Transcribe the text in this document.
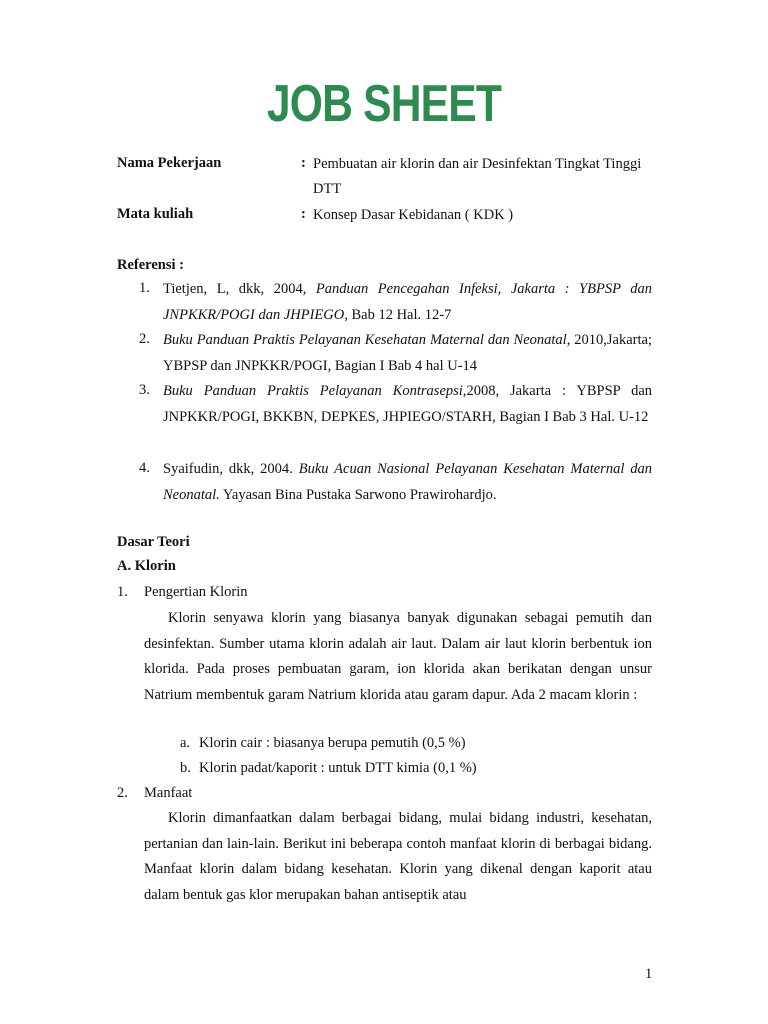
JOB SHEET
Nama Pekerjaan	: Pembuatan air klorin dan air Desinfektan Tingkat Tinggi DTT
Mata kuliah	: Konsep Dasar Kebidanan ( KDK )
Referensi :
1. Tietjen, L, dkk, 2004, Panduan Pencegahan Infeksi, Jakarta : YBPSP dan JNPKKR/POGI dan JHPIEGO, Bab 12 Hal. 12-7
2. Buku Panduan Praktis Pelayanan Kesehatan Maternal dan Neonatal, 2010,Jakarta; YBPSP dan JNPKKR/POGI, Bagian I Bab 4 hal U-14
3. Buku Panduan Praktis Pelayanan Kontrasepsi,2008, Jakarta : YBPSP dan JNPKKR/POGI, BKKBN, DEPKES, JHPIEGO/STARH, Bagian I Bab 3 Hal. U-12
4. Syaifudin, dkk, 2004. Buku Acuan Nasional Pelayanan Kesehatan Maternal dan Neonatal. Yayasan Bina Pustaka Sarwono Prawirohardjo.
Dasar Teori
A. Klorin
1. Pengertian Klorin
Klorin senyawa klorin yang biasanya banyak digunakan sebagai pemutih dan desinfektan. Sumber utama klorin adalah air laut. Dalam air laut klorin berbentuk ion klorida. Pada proses pembuatan garam, ion klorida akan berikatan dengan unsur Natrium membentuk garam Natrium klorida atau garam dapur. Ada 2 macam klorin :
a. Klorin cair : biasanya berupa pemutih (0,5 %)
b. Klorin padat/kaporit : untuk DTT kimia (0,1 %)
2. Manfaat
Klorin dimanfaatkan dalam berbagai bidang, mulai bidang industri, kesehatan, pertanian dan lain-lain. Berikut ini beberapa contoh manfaat klorin di berbagai bidang. Manfaat klorin dalam bidang kesehatan. Klorin yang dikenal dengan kaporit atau dalam bentuk gas klor merupakan bahan antiseptik atau
1
